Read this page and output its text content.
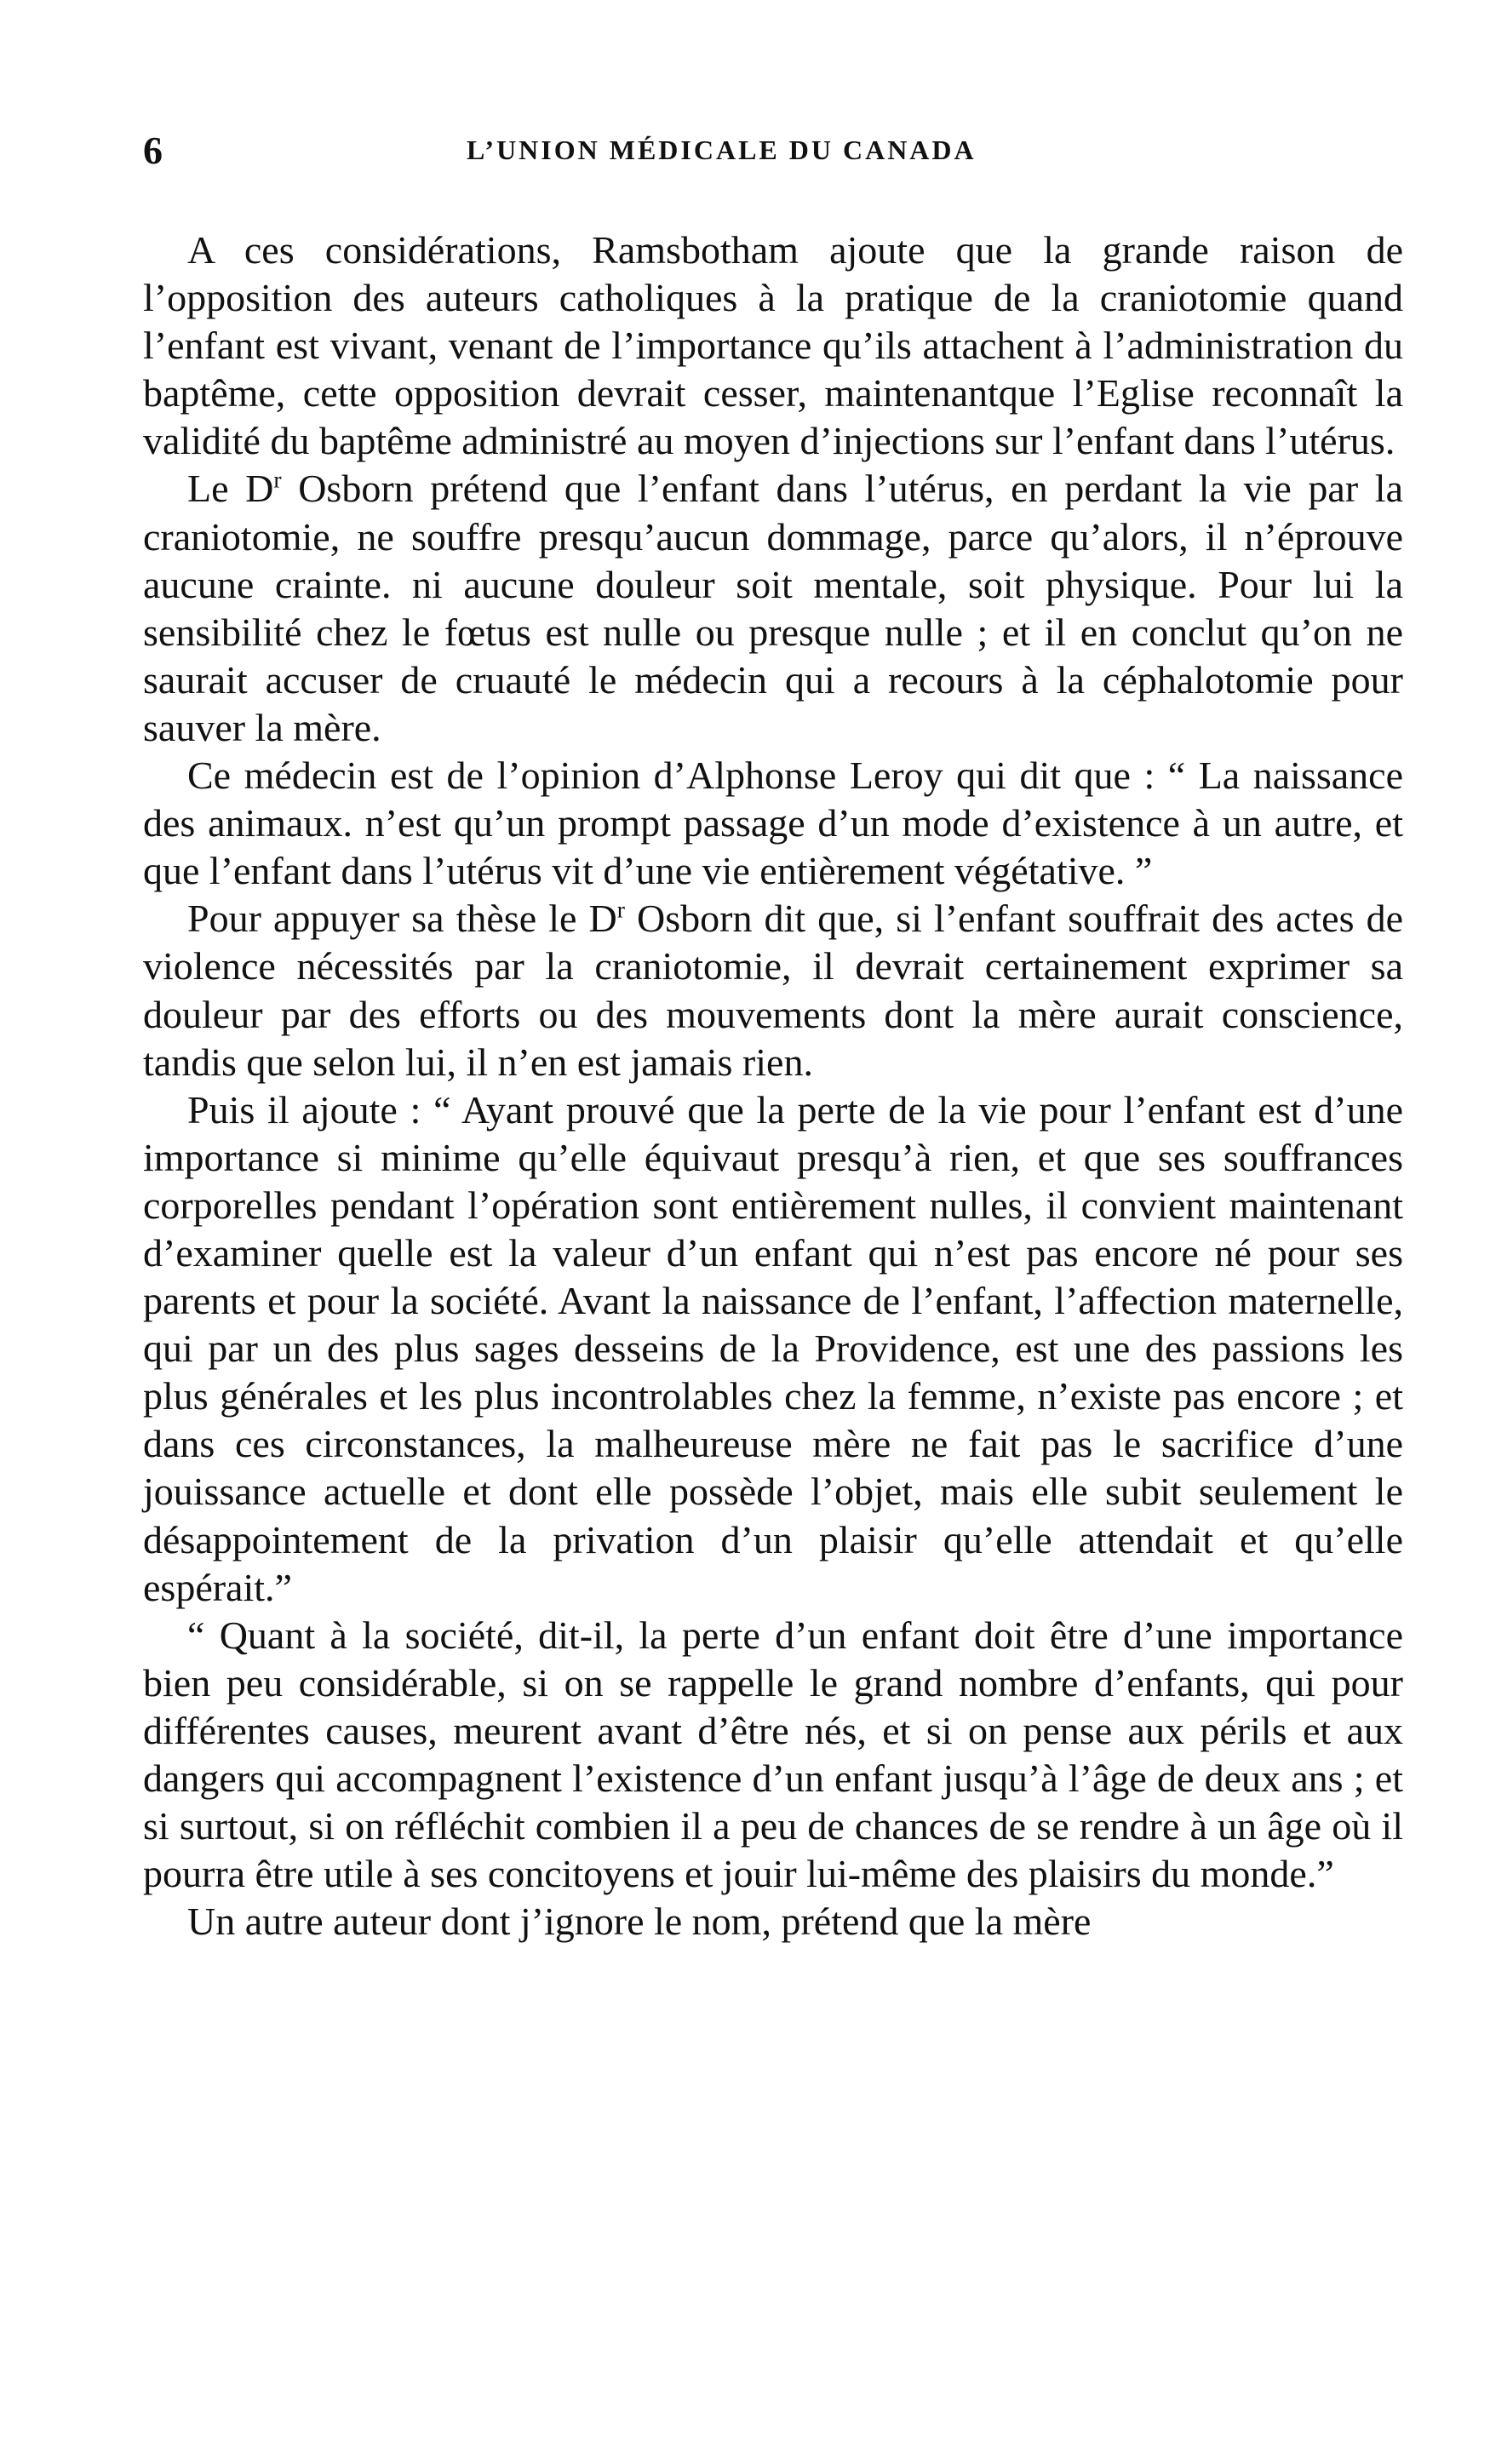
6	L’UNION MÉDICALE DU CANADA

A ces considérations, Ramsbotham ajoute que la grande raison de l’opposition des auteurs catholiques à la pratique de la craniotomie quand l’enfant est vivant, venant de l’importance qu’ils attachent à l’administration du baptême, cette opposition devrait cesser, maintenantque l’Eglise reconnaît la validité du baptême administré au moyen d’injections sur l’enfant dans l’utérus.

Le $D^r$ Osborn prétend que l’enfant dans l’utérus, en perdant la vie par la craniotomie, ne souffre presqu’aucun dommage, parce qu’alors, il n’éprouve aucune crainte. ni aucune douleur soit mentale, soit physique. Pour lui la sensibilité chez le fœtus est nulle ou presque nulle ; et il en conclut qu’on ne saurait accuser de cruauté le médecin qui a recours à la céphalotomie pour sauver la mère.

Ce médecin est de l’opinion d’Alphonse Leroy qui dit que : “ La naissance des animaux. n’est qu’un prompt passage d’un mode d’existence à un autre, et que l’enfant dans l’utérus vit d’une vie entièrement végétative. ”

Pour appuyer sa thèse le $D^r$ Osborn dit que, si l’enfant souffrait des actes de violence nécessités par la craniotomie, il devrait certainement exprimer sa douleur par des efforts ou des mouvements dont la mère aurait conscience, tandis que selon lui, il n’en est jamais rien.

Puis il ajoute : “ Ayant prouvé que la perte de la vie pour l’enfant est d’une importance si minime qu’elle équivaut presqu’à rien, et que ses souffrances corporelles pendant l’opération sont entièrement nulles, il convient maintenant d’examiner quelle est la valeur d’un enfant qui n’est pas encore né pour ses parents et pour la société. Avant la naissance de l’enfant, l’affection maternelle, qui par un des plus sages desseins de la Providence, est une des passions les plus générales et les plus incontrolables chez la femme, n’existe pas encore ; et dans ces circonstances, la malheureuse mère ne fait pas le sacrifice d’une jouissance actuelle et dont elle possède l’objet, mais elle subit seulement le désappointement de la privation d’un plaisir qu’elle attendait et qu’elle espérait.”

“ Quant à la société, dit-il, la perte d’un enfant doit être d’une importance bien peu considérable, si on se rappelle le grand nombre d’enfants, qui pour différentes causes, meurent avant d’être nés, et si on pense aux périls et aux dangers qui accompagnent l’existence d’un enfant jusqu’à l’âge de deux ans ; et si surtout, si on réfléchit combien il a peu de chances de se rendre à un âge où il pourra être utile à ses concitoyens et jouir lui-même des plaisirs du monde.”

Un autre auteur dont j’ignore le nom, prétend que la mère
